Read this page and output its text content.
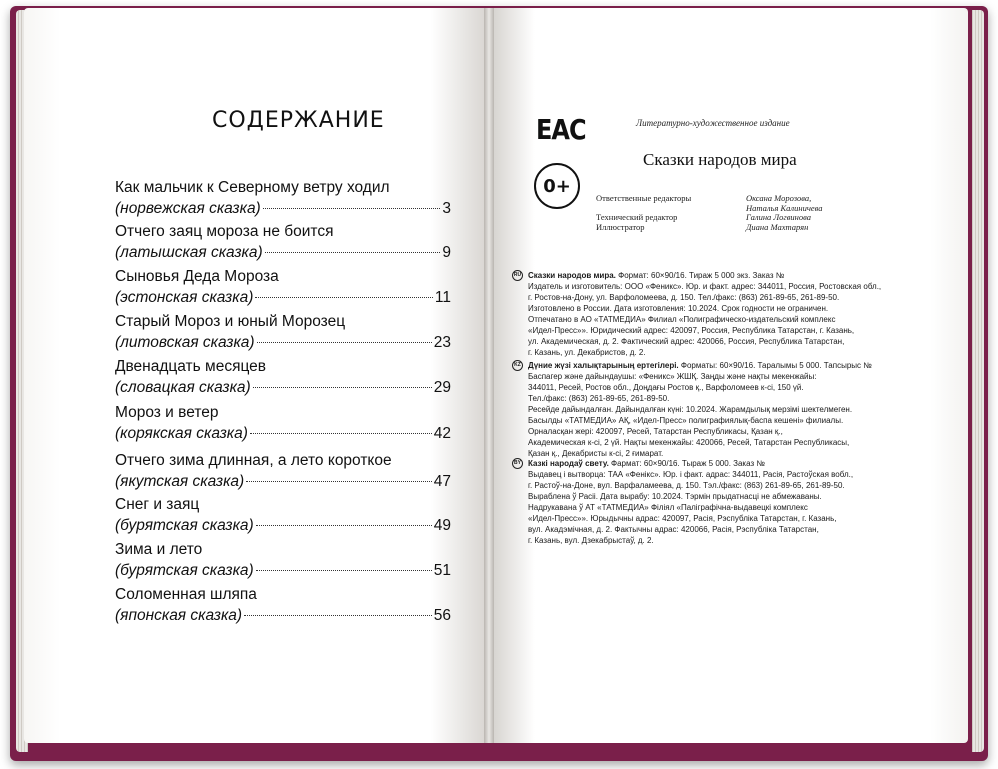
СОДЕРЖАНИЕ
Как мальчик к Северному ветру ходил
(норвежская сказка)	3
Отчего заяц мороза не боится
(латышская сказка)	9
Сыновья Деда Мороза
(эстонская сказка)	11
Старый Мороз и юный Морозец
(литовская сказка)	23
Двенадцать месяцев
(словацкая сказка)	29
Мороз и ветер
(корякская сказка)	42
Отчего зима длинная, а лето короткое
(якутская сказка)	47
Снег и заяц
(бурятская сказка)	49
Зима и лето
(бурятская сказка)	51
Соломенная шляпа
(японская сказка)	56
ЕАС
0+
Литературно-художественное издание
Сказки народов мира
Ответственные редакторы	Оксана Морозова,
Наталья Калиничева
Технический редактор	Галина Логвинова
Иллюстратор	Диана Махтарян
RU Сказки народов мира. Формат: 60×90/16. Тираж 5 000 экз. Заказ №
Издатель и изготовитель: ООО «Феникс». Юр. и факт. адрес: 344011, Россия, Ростовская обл.,
г. Ростов-на-Дону, ул. Варфоломеева, д. 150. Тел./факс: (863) 261-89-65, 261-89-50.
Изготовлено в России. Дата изготовления: 10.2024. Срок годности не ограничен.
Отпечатано в АО «ТАТМЕДИА» Филиал «Полиграфическо-издательский комплекс
«Идел-Пресс»». Юридический адрес: 420097, Россия, Республика Татарстан, г. Казань,
ул. Академическая, д. 2. Фактический адрес: 420066, Россия, Республика Татарстан,
г. Казань, ул. Декабристов, д. 2.
KZ Дүние жүзі халықтарының ертегілері. Форматы: 60×90/16. Таралымы 5 000. Тапсырыс №
Баспагер және дайындаушы: «Феникс» ЖШҚ. Заңды және нақты мекенжайы:
344011, Ресей, Ростов обл., Доңдағы Ростов қ., Варфоломеев к-сі, 150 үй.
Тел./факс: (863) 261-89-65, 261-89-50.
Ресейде дайындалған. Дайындалған күні: 10.2024. Жарамдылық мерзімі шектелмеген.
Басылды «ТАТМЕДИА» АҚ, «Идел-Пресс» полиграфиялық-баспа кешені» филиалы.
Орналасқан жері: 420097, Ресей, Татарстан Республикасы, Қазан қ.,
Академическая к-сі, 2 үй. Нақты мекенжайы: 420066, Ресей, Татарстан Республикасы,
Қазан қ., Декабристы к-сі, 2 ғимарат.
BY Казкі народаў свету. Фармат: 60×90/16. Тыраж 5 000. Заказ №
Выдавец і вытворца: ТАА «Фенікс». Юр. і факт. адрас: 344011, Расія, Растоўская вобл.,
г. Растоў-на-Доне, вул. Варфаламеева, д. 150. Тэл./факс: (863) 261-89-65, 261-89-50.
Выраблена ў Расіі. Дата вырабу: 10.2024. Тэрмін прыдатнасці не абмежаваны.
Надрукавана ў АТ «ТАТМЕДИА» Філіял «Паліграфічна-выдавецкі комплекс
«Идел-Пресс»». Юрыдычны адрас: 420097, Расія, Рэспубліка Татарстан, г. Казань,
вул. Акадэмічная, д. 2. Фактычны адрас: 420066, Расія, Рэспубліка Татарстан,
г. Казань, вул. Дзекабрыстаў, д. 2.
